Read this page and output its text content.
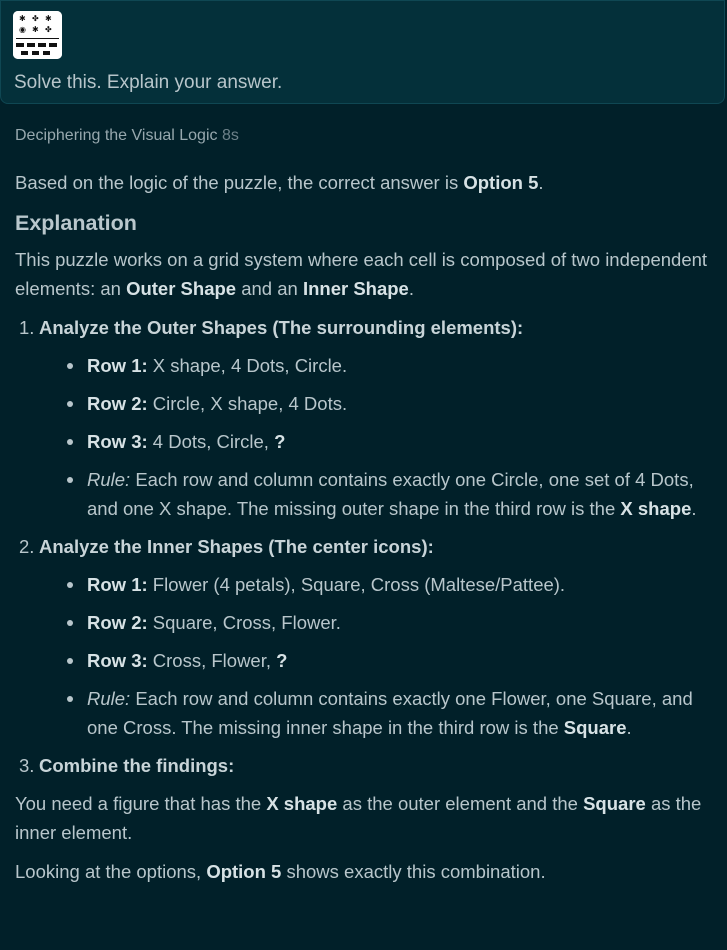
✱ ✤ ✱
◉ ✱ ✤
Solve this. Explain your answer.
Deciphering the Visual Logic 8s

Based on the logic of the puzzle, the correct answer is Option 5.

Explanation

This puzzle works on a grid system where each cell is composed of two independent elements: an Outer Shape and an Inner Shape.

1. Analyze the Outer Shapes (The surrounding elements):
Row 1: X shape, 4 Dots, Circle.
Row 2: Circle, X shape, 4 Dots.
Row 3: 4 Dots, Circle, ?
Rule: Each row and column contains exactly one Circle, one set of 4 Dots, and one X shape. The missing outer shape in the third row is the X shape.
2. Analyze the Inner Shapes (The center icons):
Row 1: Flower (4 petals), Square, Cross (Maltese/Pattee).
Row 2: Square, Cross, Flower.
Row 3: Cross, Flower, ?
Rule: Each row and column contains exactly one Flower, one Square, and one Cross. The missing inner shape in the third row is the Square.
3. Combine the findings:

You need a figure that has the X shape as the outer element and the Square as the inner element.

Looking at the options, Option 5 shows exactly this combination.
